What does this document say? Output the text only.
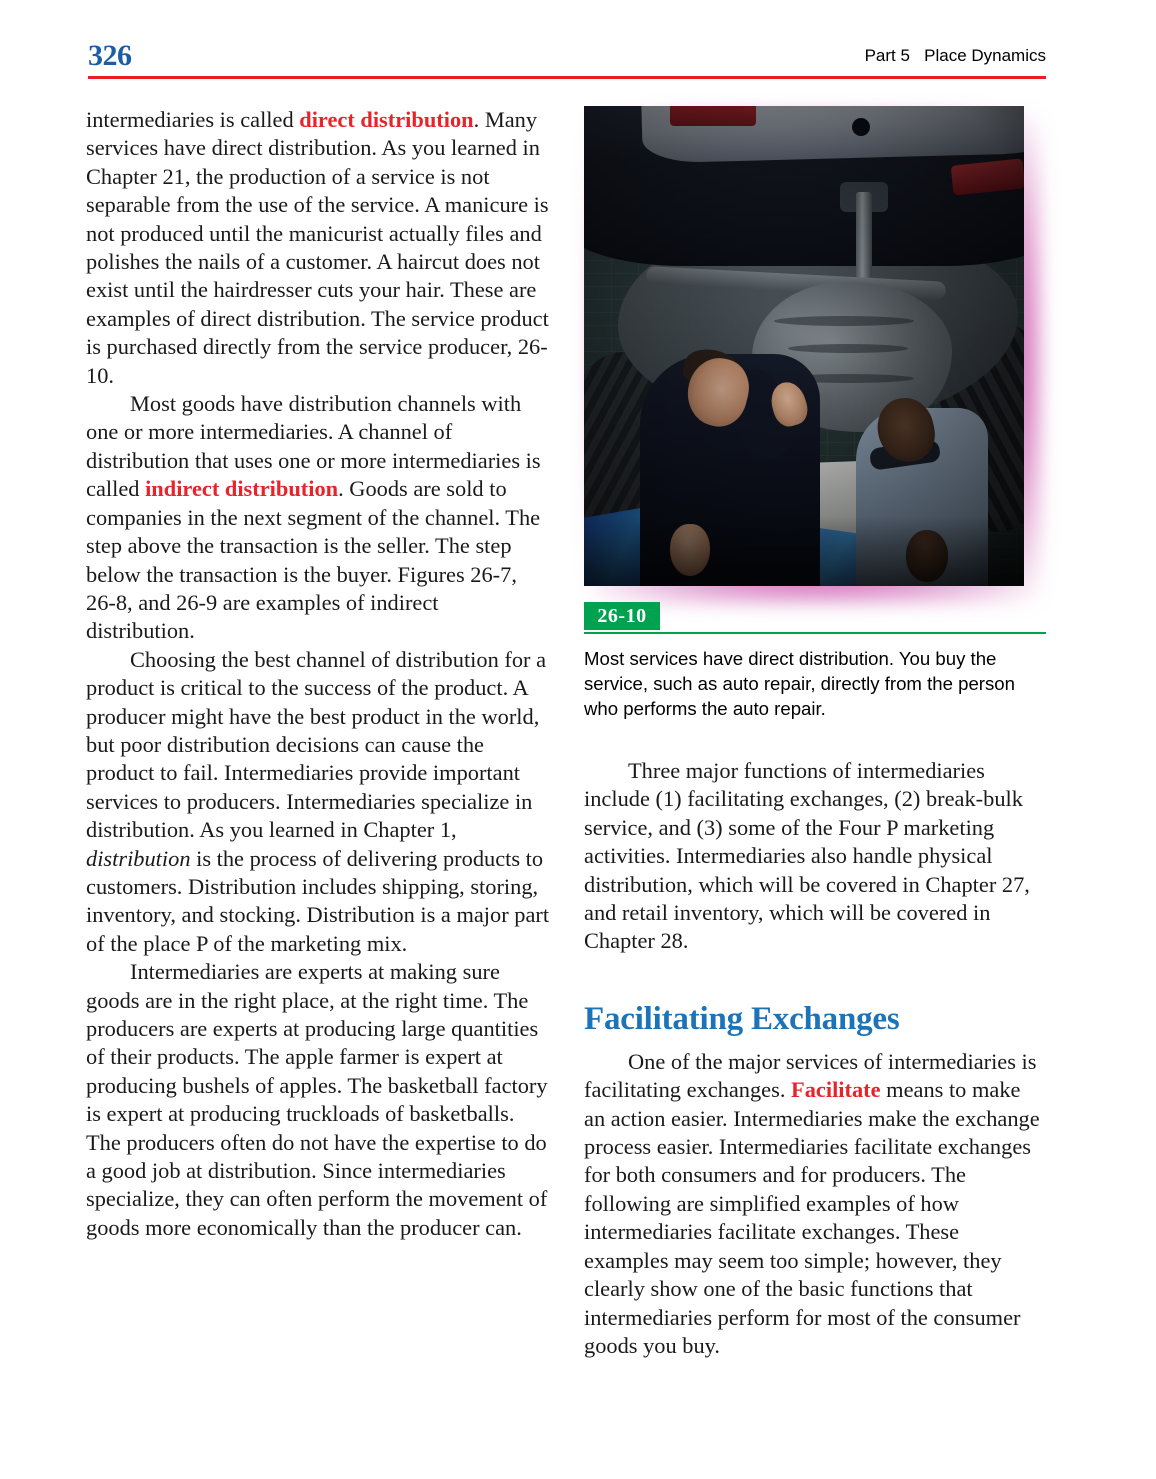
326	Part 5   Place Dynamics

intermediaries is called direct distribution. Many services have direct distribution. As you learned in Chapter 21, the production of a service is not separable from the use of the service. A manicure is not produced until the manicurist actually files and polishes the nails of a customer. A haircut does not exist until the hairdresser cuts your hair. These are examples of direct distribution. The service product is purchased directly from the service producer, 26-10.

Most goods have distribution channels with one or more intermediaries. A channel of distribution that uses one or more intermediaries is called indirect distribution. Goods are sold to companies in the next segment of the channel. The step above the transaction is the seller. The step below the transaction is the buyer. Figures 26-7, 26-8, and 26-9 are examples of indirect distribution.

Choosing the best channel of distribution for a product is critical to the success of the product. A producer might have the best product in the world, but poor distribution decisions can cause the product to fail. Intermediaries provide important services to producers. Intermediaries specialize in distribution. As you learned in Chapter 1, distribution is the process of delivering products to customers. Distribution includes shipping, storing, inventory, and stocking. Distribution is a major part of the place P of the marketing mix.

Intermediaries are experts at making sure goods are in the right place, at the right time. The producers are experts at producing large quantities of their products. The apple farmer is expert at producing bushels of apples. The basketball factory is expert at producing truckloads of basketballs. The producers often do not have the expertise to do a good job at distribution. Since intermediaries specialize, they can often perform the movement of goods more economically than the producer can.

26-10

Most services have direct distribution. You buy the service, such as auto repair, directly from the person who performs the auto repair.

Three major functions of intermediaries include (1) facilitating exchanges, (2) break-bulk service, and (3) some of the Four P marketing activities. Intermediaries also handle physical distribution, which will be covered in Chapter 27, and retail inventory, which will be covered in Chapter 28.

Facilitating Exchanges

One of the major services of intermediaries is facilitating exchanges. Facilitate means to make an action easier. Intermediaries make the exchange process easier. Intermediaries facilitate exchanges for both consumers and for producers. The following are simplified examples of how intermediaries facilitate exchanges. These examples may seem too simple; however, they clearly show one of the basic functions that intermediaries perform for most of the consumer goods you buy.
